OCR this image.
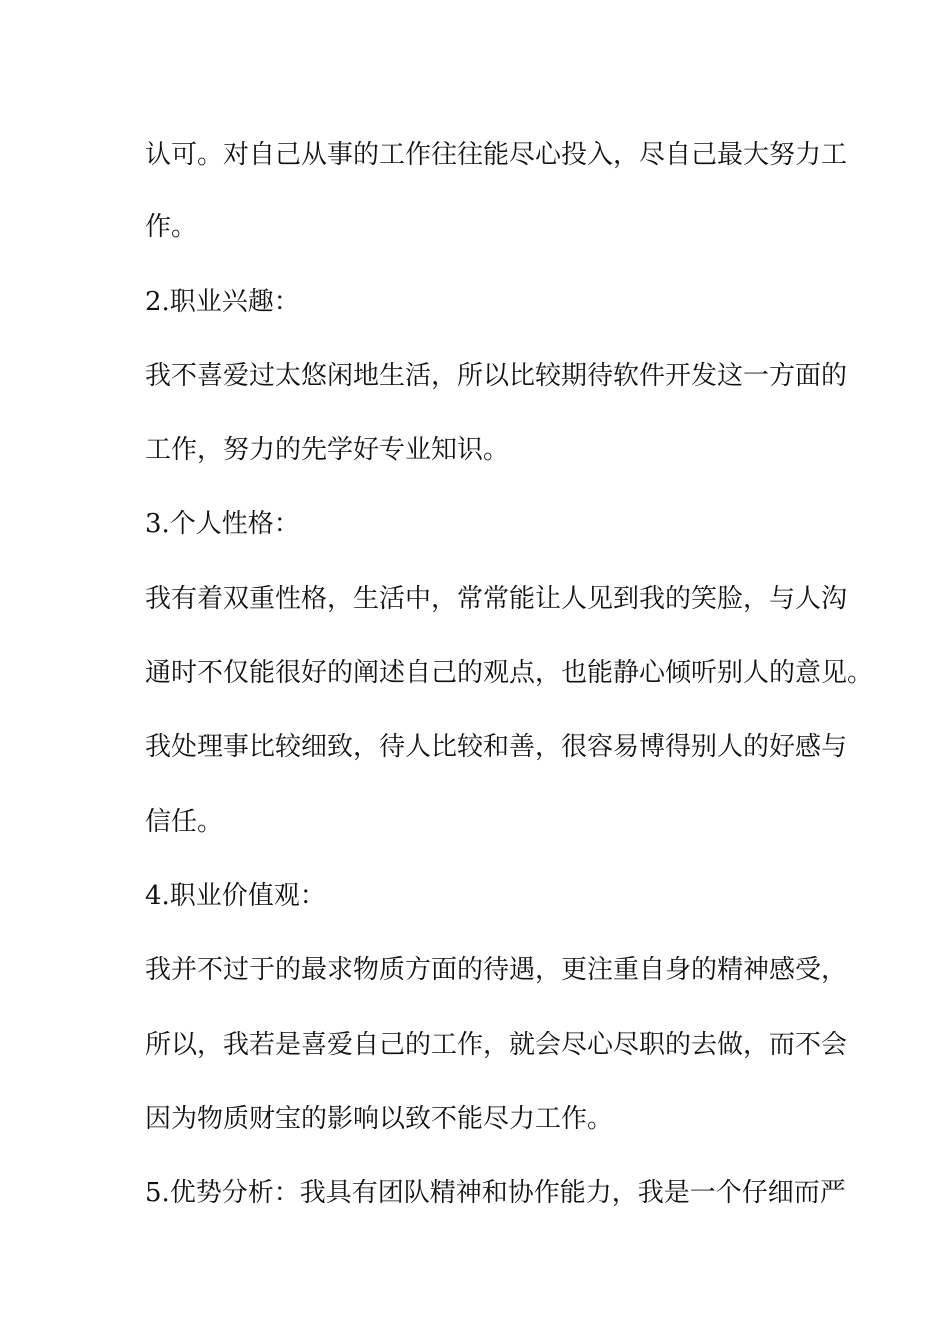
认可。对自己从事的工作往往能尽心投入，尽自己最大努力工
作。
2.职业兴趣：
我不喜爱过太悠闲地生活，所以比较期待软件开发这一方面的
工作，努力的先学好专业知识。
3.个人性格：
我有着双重性格，生活中，常常能让人见到我的笑脸，与人沟
通时不仅能很好的阐述自己的观点，也能静心倾听别人的意见。
我处理事比较细致，待人比较和善，很容易博得别人的好感与
信任。
4.职业价值观：
我并不过于的最求物质方面的待遇，更注重自身的精神感受，
所以，我若是喜爱自己的工作，就会尽心尽职的去做，而不会
因为物质财宝的影响以致不能尽力工作。
5.优势分析：我具有团队精神和协作能力，我是一个仔细而严
